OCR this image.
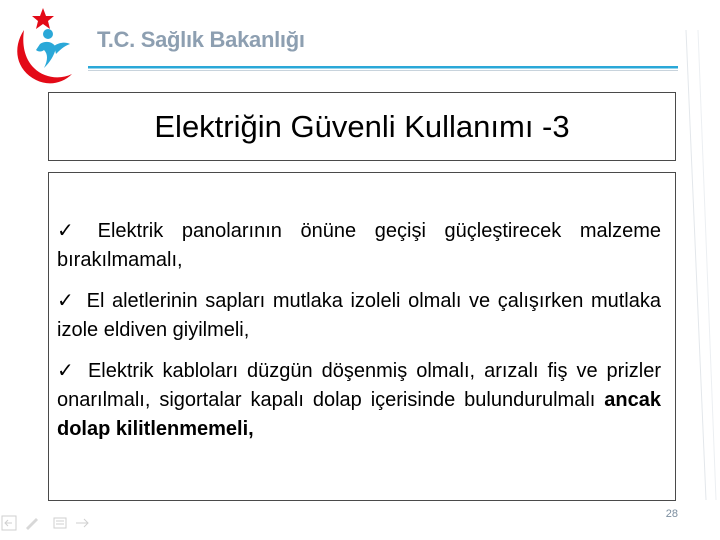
T.C. Sağlık Bakanlığı
Elektriğin Güvenli Kullanımı -3

✓ Elektrik panolarının önüne geçişi güçleştirecek malzeme bırakılmamalı,

✓ El aletlerinin sapları mutlaka izoleli olmalı ve çalışırken mutlaka izole eldiven giyilmeli,

✓ Elektrik kabloları düzgün döşenmiş olmalı, arızalı fiş ve prizler onarılmalı, sigortalar kapalı dolap içerisinde bulundurulmalı ancak dolap kilitlenmemeli,

28
